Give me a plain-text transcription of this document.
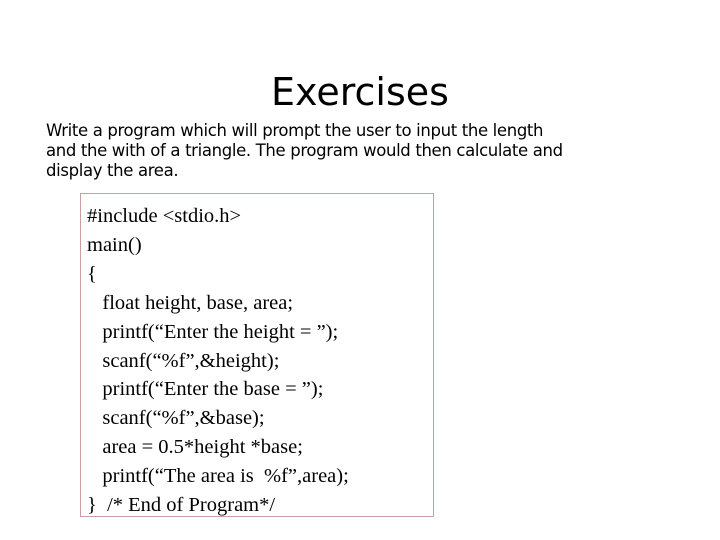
Exercises

Write a program which will prompt the user to input the length
and the with of a triangle. The program would then calculate and
display the area.

#include <stdio.h>
main()
{
float height, base, area;
printf(“Enter the height = ”);
scanf(“%f”,&height);
printf(“Enter the base = ”);
scanf(“%f”,&base);
area = 0.5*height *base;
printf(“The area is  %f”,area);
}  /* End of Program*/
